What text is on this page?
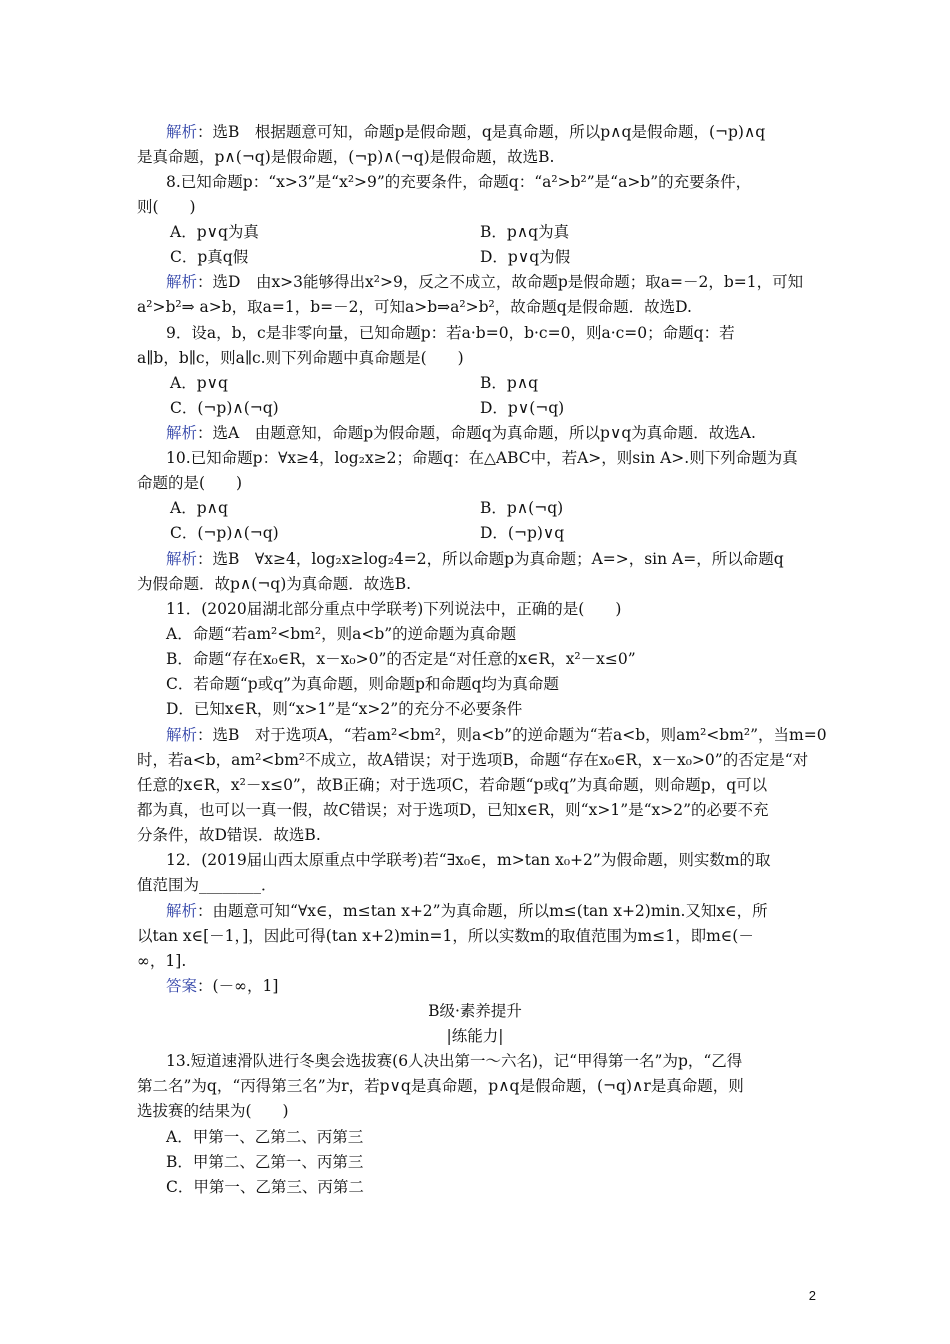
解析：选B　根据题意可知，命题p是假命题，q是真命题，所以p∧q是假命题，(¬p)∧q
是真命题，p∧(¬q)是假命题，(¬p)∧(¬q)是假命题，故选B.
8.已知命题p：“x>3”是“x²>9”的充要条件，命题q：“a²>b²”是“a>b”的充要条件，
则(　　)
A．p∨q为真	B．p∧q为真
C．p真q假	D．p∨q为假
解析：选D　由x>3能够得出x²>9，反之不成立，故命题p是假命题；取a=－2，b=1，可知
a²>b²⇒ a>b，取a=1，b=－2，可知a>b⇒a²>b²，故命题q是假命题．故选D.
9．设a，b，c是非零向量，已知命题p：若a·b=0，b·c=0，则a·c=0；命题q：若
a∥b，b∥c，则a∥c.则下列命题中真命题是(　　)
A．p∨q	B．p∧q
C．(¬p)∧(¬q)	D．p∨(¬q)
解析：选A　由题意知，命题p为假命题，命题q为真命题，所以p∨q为真命题．故选A.
10.已知命题p：∀x≥4，log₂x≥2；命题q：在△ABC中，若A>，则sin A>.则下列命题为真
命题的是(　　)
A．p∧q	B．p∧(¬q)
C．(¬p)∧(¬q)	D．(¬p)∨q
解析：选B　∀x≥4，log₂x≥log₂4=2，所以命题p为真命题；A=>，sin A=，所以命题q
为假命题．故p∧(¬q)为真命题．故选B.
11．(2020届湖北部分重点中学联考)下列说法中，正确的是(　　)
A．命题“若am²<bm²，则a<b”的逆命题为真命题
B．命题“存在x₀∈R，x－x₀>0”的否定是“对任意的x∈R，x²－x≤0”
C．若命题“p或q”为真命题，则命题p和命题q均为真命题
D．已知x∈R，则“x>1”是“x>2”的充分不必要条件
解析：选B　对于选项A，“若am²<bm²，则a<b”的逆命题为“若a<b，则am²<bm²”，当m=0
时，若a<b，am²<bm²不成立，故A错误；对于选项B，命题“存在x₀∈R，x－x₀>0”的否定是“对
任意的x∈R，x²－x≤0”，故B正确；对于选项C，若命题“p或q”为真命题，则命题p，q可以
都为真，也可以一真一假，故C错误；对于选项D，已知x∈R，则“x>1”是“x>2”的必要不充
分条件，故D错误．故选B.
12．(2019届山西太原重点中学联考)若“∃x₀∈，m>tan x₀+2”为假命题，则实数m的取
值范围为________．
解析：由题意可知“∀x∈，m≤tan x+2”为真命题，所以m≤(tan x+2)min.又知x∈，所
以tan x∈[－1，]，因此可得(tan x+2)min=1，所以实数m的取值范围为m≤1，即m∈(－
∞，1].
答案：(－∞，1]
B级·素养提升
|练能力|
13.短道速滑队进行冬奥会选拔赛(6人决出第一～六名)，记“甲得第一名”为p，“乙得
第二名”为q，“丙得第三名”为r，若p∨q是真命题，p∧q是假命题，(¬q)∧r是真命题，则
选拔赛的结果为(　　)
A．甲第一、乙第二、丙第三
B．甲第二、乙第一、丙第三
C．甲第一、乙第三、丙第二
2
